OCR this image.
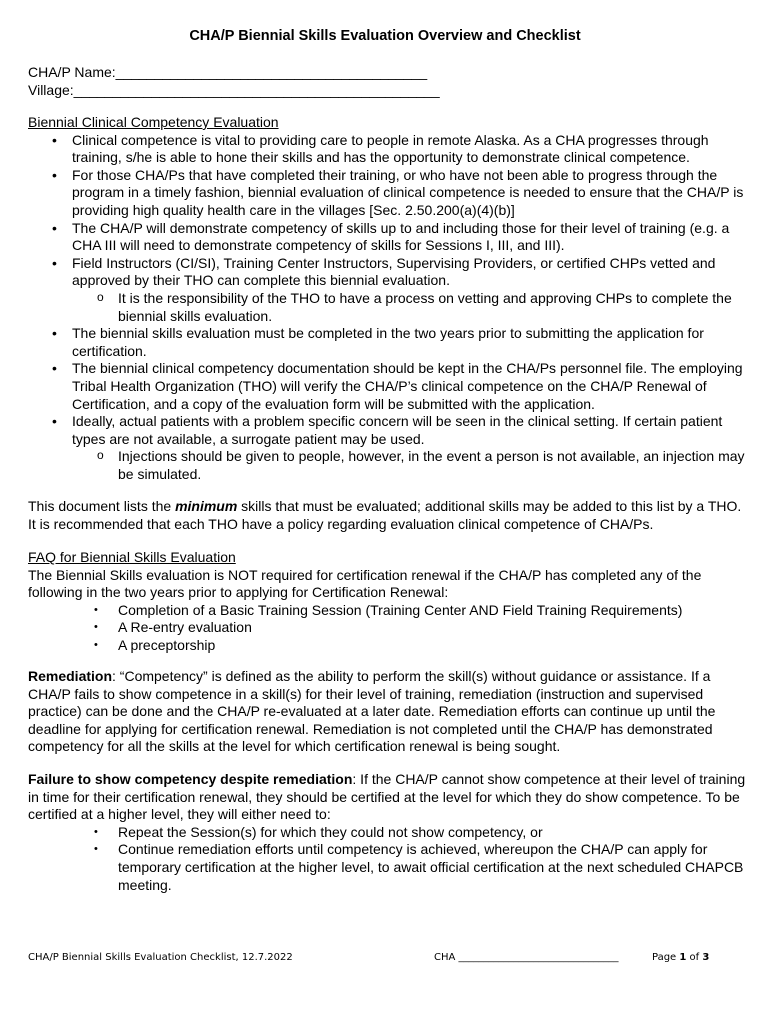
CHA/P Biennial Skills Evaluation Overview and Checklist
CHA/P Name:________________________________________
Village:_______________________________________________
Biennial Clinical Competency Evaluation
• Clinical competence is vital to providing care to people in remote Alaska. As a CHA progresses through training, s/he is able to hone their skills and has the opportunity to demonstrate clinical competence.
• For those CHA/Ps that have completed their training, or who have not been able to progress through the program in a timely fashion, biennial evaluation of clinical competence is needed to ensure that the CHA/P is providing high quality health care in the villages [Sec. 2.50.200(a)(4)(b)]
• The CHA/P will demonstrate competency of skills up to and including those for their level of training (e.g. a CHA III will need to demonstrate competency of skills for Sessions I, III, and III).
• Field Instructors (CI/SI), Training Center Instructors, Supervising Providers, or certified CHPs vetted and approved by their THO can complete this biennial evaluation.
o It is the responsibility of the THO to have a process on vetting and approving CHPs to complete the biennial skills evaluation.
• The biennial skills evaluation must be completed in the two years prior to submitting the application for certification.
• The biennial clinical competency documentation should be kept in the CHA/Ps personnel file. The employing Tribal Health Organization (THO) will verify the CHA/P’s clinical competence on the CHA/P Renewal of Certification, and a copy of the evaluation form will be submitted with the application.
• Ideally, actual patients with a problem specific concern will be seen in the clinical setting. If certain patient types are not available, a surrogate patient may be used.
o Injections should be given to people, however, in the event a person is not available, an injection may be simulated.

This document lists the minimum skills that must be evaluated; additional skills may be added to this list by a THO. It is recommended that each THO have a policy regarding evaluation clinical competence of CHA/Ps.

FAQ for Biennial Skills Evaluation

The Biennial Skills evaluation is NOT required for certification renewal if the CHA/P has completed any of the following in the two years prior to applying for Certification Renewal:

• Completion of a Basic Training Session (Training Center AND Field Training Requirements)
• A Re-entry evaluation
• A preceptorship

Remediation: “Competency” is defined as the ability to perform the skill(s) without guidance or assistance. If a CHA/P fails to show competence in a skill(s) for their level of training, remediation (instruction and supervised practice) can be done and the CHA/P re-evaluated at a later date. Remediation efforts can continue up until the deadline for applying for certification renewal. Remediation is not completed until the CHA/P has demonstrated competency for all the skills at the level for which certification renewal is being sought.

Failure to show competency despite remediation: If the CHA/P cannot show competence at their level of training in time for their certification renewal, they should be certified at the level for which they do show competence. To be certified at a higher level, they will either need to:

• Repeat the Session(s) for which they could not show competency, or
• Continue remediation efforts until competency is achieved, whereupon the CHA/P can apply for temporary certification at the higher level, to await official certification at the next scheduled CHAPCB meeting.
CHA/P Biennial Skills Evaluation Checklist, 12.7.2022	CHA ________________________________	Page 1 of 3
